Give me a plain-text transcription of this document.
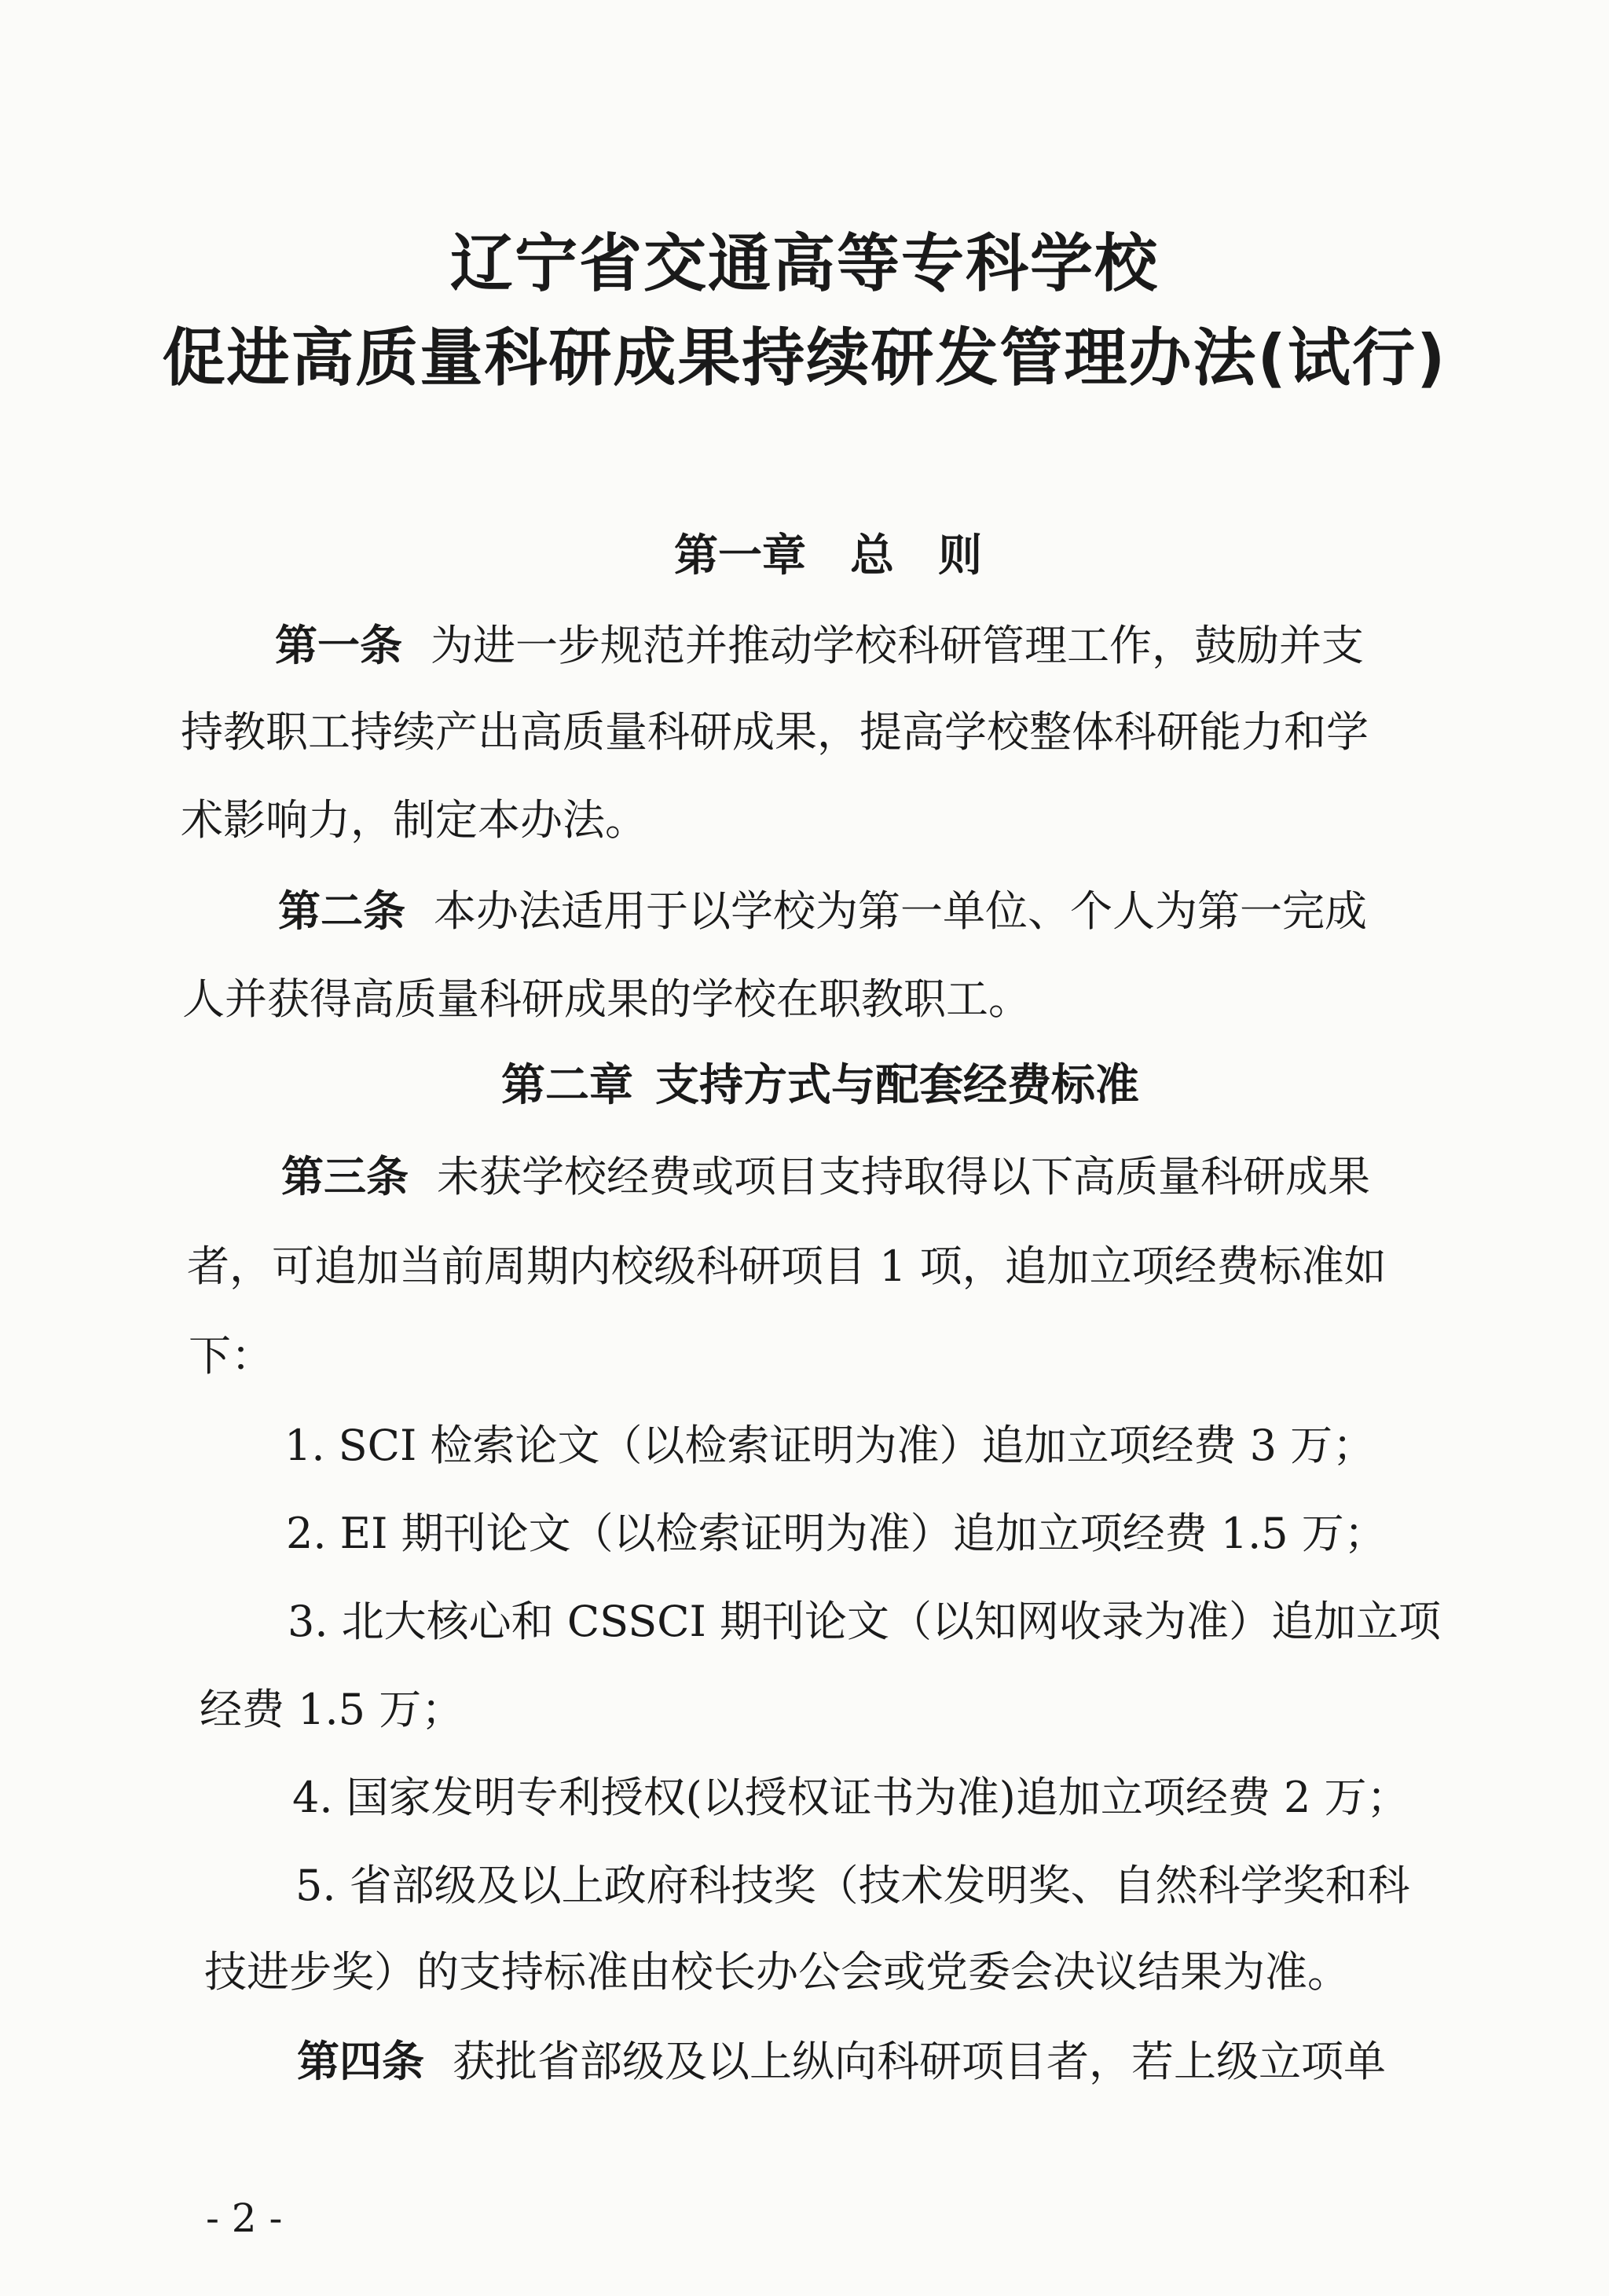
辽宁省交通高等专科学校
促进高质量科研成果持续研发管理办法(试行)
第一章 总 则
第一条 为进一步规范并推动学校科研管理工作，鼓励并支
持教职工持续产出高质量科研成果，提高学校整体科研能力和学
术影响力，制定本办法。
第二条 本办法适用于以学校为第一单位、个人为第一完成
人并获得高质量科研成果的学校在职教职工。
第二章 支持方式与配套经费标准
第三条 未获学校经费或项目支持取得以下高质量科研成果
者，可追加当前周期内校级科研项目 1 项，追加立项经费标准如
下：
1. SCI 检索论文（以检索证明为准）追加立项经费 3 万；
2. EI 期刊论文（以检索证明为准）追加立项经费 1.5 万；
3. 北大核心和 CSSCI 期刊论文（以知网收录为准）追加立项
经费 1.5 万；
4. 国家发明专利授权(以授权证书为准)追加立项经费 2 万；
5. 省部级及以上政府科技奖（技术发明奖、自然科学奖和科
技进步奖）的支持标准由校长办公会或党委会决议结果为准。
第四条 获批省部级及以上纵向科研项目者，若上级立项单
- 2 -
